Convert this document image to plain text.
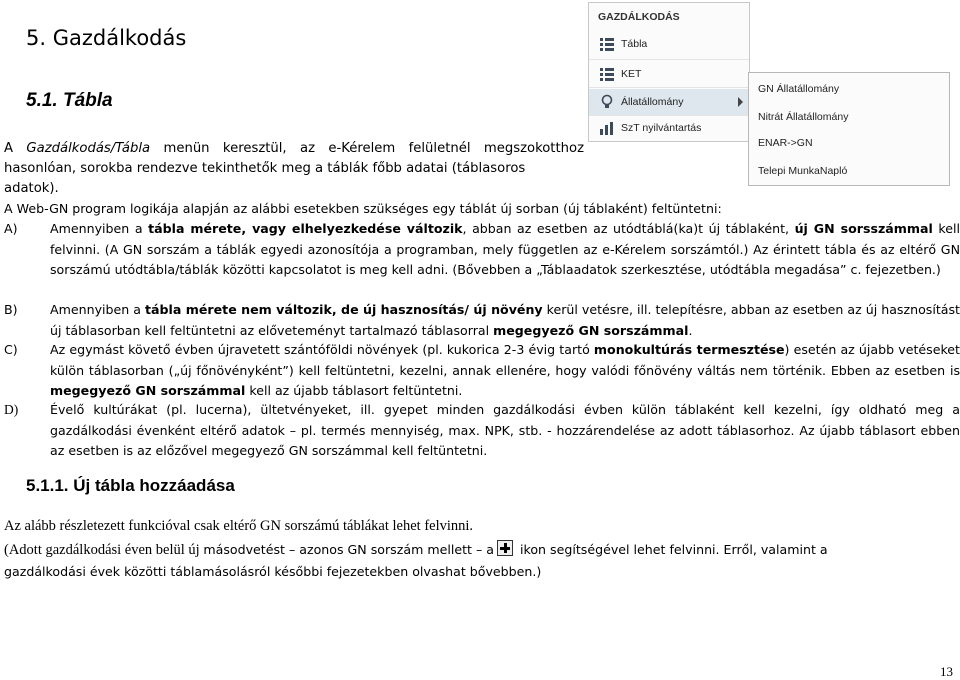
5. Gazdálkodás
5.1. Tábla
A Gazdálkodás/Tábla menün keresztül, az e-Kérelem felületnél megszokotthoz
hasonlóan, sorokba rendezve tekinthetők meg a táblák főbb adatai (táblasoros adatok).
GAZDÁLKODÁS
Tábla
KET
Állatállomány
SzT nyilvántartás
GN Állatállomány
Nitrát Állatállomány
ENAR->GN
Telepi MunkaNapló
A Web-GN program logikája alapján az alábbi esetekben szükséges egy táblát új sorban (új táblaként) feltüntetni:
A)	Amennyiben a tábla mérete, vagy elhelyezkedése változik, abban az esetben az utódtáblá(ka)t új táblaként, új GN sorsszámmal kell felvinni. (A GN sorszám a táblák egyedi azonosítója a programban, mely független az e-Kérelem sorszámtól.) Az érintett tábla és az eltérő GN sorszámú utódtábla/táblák közötti kapcsolatot is meg kell adni. (Bővebben a „Táblaadatok szerkesztése, utódtábla megadása” c. fejezetben.)
B)	Amennyiben a tábla mérete nem változik, de új hasznosítás/ új növény kerül vetésre, ill. telepítésre, abban az esetben az új hasznosítást új táblasorban kell feltüntetni az előveteményt tartalmazó táblasorral megegyező GN sorszámmal.
C)	Az egymást követő évben újravetett szántóföldi növények (pl. kukorica 2-3 évig tartó monokultúrás termesztése) esetén az újabb vetéseket külön táblasorban („új főnövényként”) kell feltüntetni, kezelni, annak ellenére, hogy valódi főnövény váltás nem történik. Ebben az esetben is megegyező GN sorszámmal kell az újabb táblasort feltüntetni.
D)	Évelő kultúrákat (pl. lucerna), ültetvényeket, ill. gyepet minden gazdálkodási évben külön táblaként kell kezelni, így oldható meg a gazdálkodási évenként eltérő adatok – pl. termés mennyiség, max. NPK, stb. - hozzárendelése az adott táblasorhoz. Az újabb táblasort ebben az esetben is az előzővel megegyező GN sorszámmal kell feltüntetni.
5.1.1. Új tábla hozzáadása
Az alább részletezett funkcióval csak eltérő GN sorszámú táblákat lehet felvinni.
(Adott gazdálkodási éven belül új másodvetést – azonos GN sorszám mellett – a ikon segítségével lehet felvinni. Erről, valamint a
gazdálkodási évek közötti táblamásolásról későbbi fejezetekben olvashat bővebben.)
13
